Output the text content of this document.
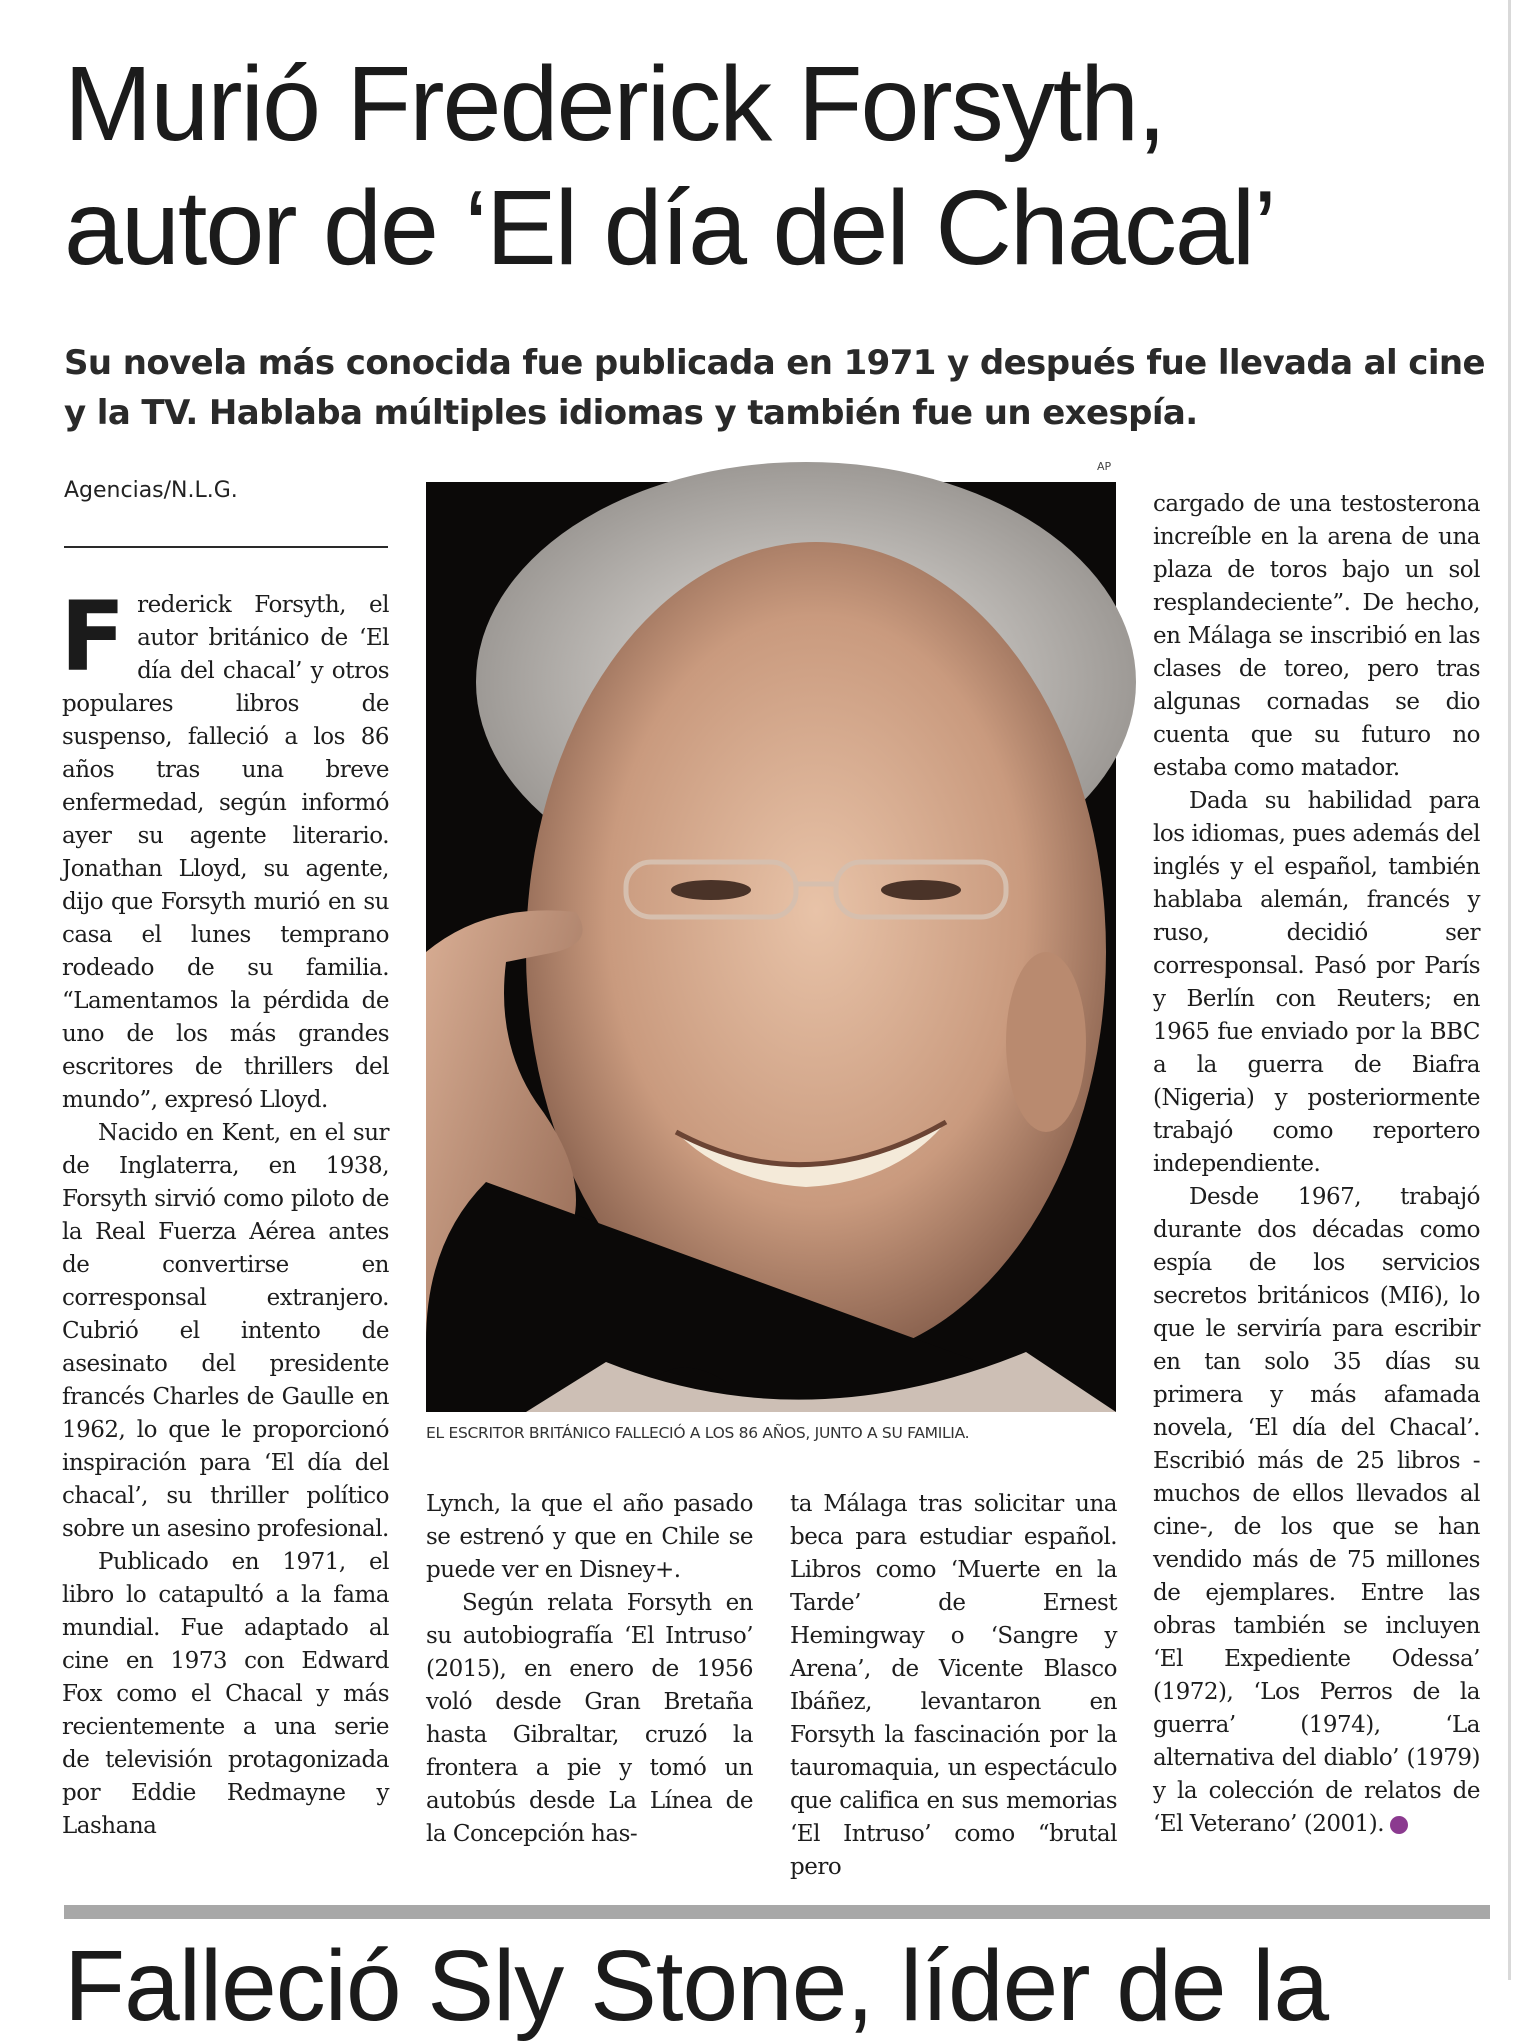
Murió Frederick Forsyth,
autor de ‘El día del Chacal’
Su novela más conocida fue publicada en 1971 y después fue llevada al cine
y la TV. Hablaba múltiples idiomas y también fue un exespía.
Agencias/N.L.G.
AP
EL ESCRITOR BRITÁNICO FALLECIÓ A LOS 86 AÑOS, JUNTO A SU FAMILIA.

Frederick Forsyth, el autor británico de ‘El día del chacal’ y otros populares libros de suspenso, falleció a los 86 años tras una breve enfermedad, según informó ayer su agente literario. Jonathan Lloyd, su agente, dijo que Forsyth murió en su casa el lunes temprano rodeado de su familia. “Lamentamos la pérdida de uno de los más grandes escritores de thrillers del mundo”, expresó Lloyd.

Nacido en Kent, en el sur de Inglaterra, en 1938, Forsyth sirvió como piloto de la Real Fuerza Aérea antes de convertirse en corresponsal extranjero. Cubrió el intento de asesinato del presidente francés Charles de Gaulle en 1962, lo que le proporcionó inspiración para ‘El día del chacal’, su thriller político sobre un asesino profesional.

Publicado en 1971, el libro lo catapultó a la fama mundial. Fue adaptado al cine en 1973 con Edward Fox como el Chacal y más recientemente a una serie de televisión protagonizada por Eddie Redmayne y Lashana

Lynch, la que el año pasado se estrenó y que en Chile se puede ver en Disney+.

Según relata Forsyth en su autobiografía ‘El Intruso’ (2015), en enero de 1956 voló desde Gran Bretaña hasta Gibraltar, cruzó la frontera a pie y tomó un autobús desde La Línea de la Concepción has-

ta Málaga tras solicitar una beca para estudiar español. Libros como ‘Muerte en la Tarde’ de Ernest Hemingway o ‘Sangre y Arena’, de Vicente Blasco Ibáñez, levantaron en Forsyth la fascinación por la tauromaquia, un espectáculo que califica en sus memorias ‘El Intruso’ como “brutal pero

cargado de una testosterona increíble en la arena de una plaza de toros bajo un sol resplandeciente”. De hecho, en Málaga se inscribió en las clases de toreo, pero tras algunas cornadas se dio cuenta que su futuro no estaba como matador.

Dada su habilidad para los idiomas, pues además del inglés y el español, también hablaba alemán, francés y ruso, decidió ser corresponsal. Pasó por París y Berlín con Reuters; en 1965 fue enviado por la BBC a la guerra de Biafra (Nigeria) y posteriormente trabajó como reportero independiente.

Desde 1967, trabajó durante dos décadas como espía de los servicios secretos británicos (MI6), lo que le serviría para escribir en tan solo 35 días su primera y más afamada novela, ‘El día del Chacal’. Escribió más de 25 libros -muchos de ellos llevados al cine-, de los que se han vendido más de 75 millones de ejemplares. Entre las obras también se incluyen ‘El Expediente Odessa’ (1972), ‘Los Perros de la guerra’ (1974), ‘La alternativa del diablo’ (1979) y la colección de relatos de ‘El Veterano’ (2001).	✦

Falleció Sly Stone, líder de la
